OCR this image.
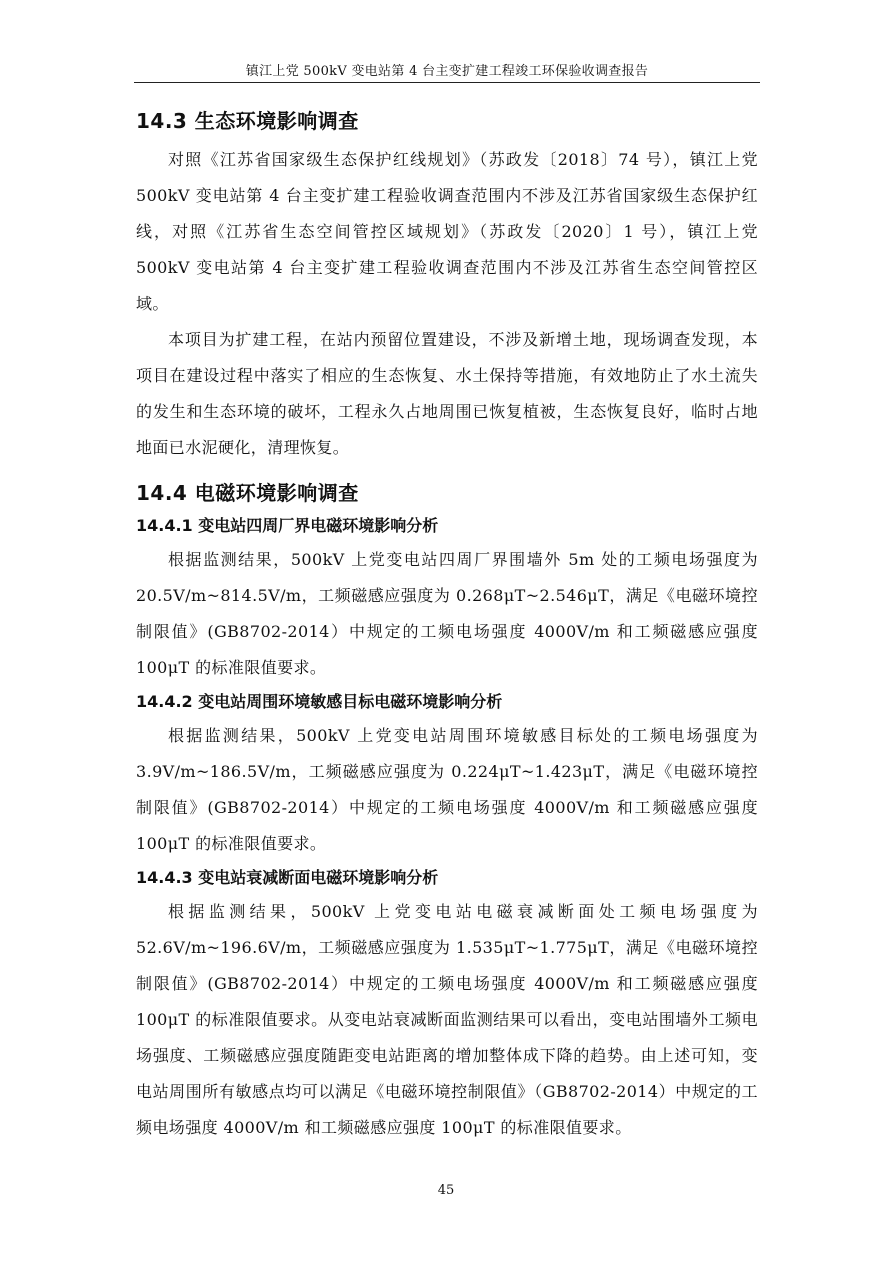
镇江上党 500kV 变电站第 4 台主变扩建工程竣工环保验收调查报告
14.3 生态环境影响调查

对照《江苏省国家级生态保护红线规划》（苏政发〔2018〕74 号），镇江上党 500kV 变电站第 4 台主变扩建工程验收调查范围内不涉及江苏省国家级生态保护红线，对照《江苏省生态空间管控区域规划》（苏政发〔2020〕1 号），镇江上党 500kV 变电站第 4 台主变扩建工程验收调查范围内不涉及江苏省生态空间管控区域。

本项目为扩建工程，在站内预留位置建设，不涉及新增土地，现场调查发现，本项目在建设过程中落实了相应的生态恢复、水土保持等措施，有效地防止了水土流失的发生和生态环境的破坏，工程永久占地周围已恢复植被，生态恢复良好，临时占地地面已水泥硬化，清理恢复。

14.4 电磁环境影响调查
14.4.1 变电站四周厂界电磁环境影响分析

根据监测结果，500kV 上党变电站四周厂界围墙外 5m 处的工频电场强度为 20.5V/m~814.5V/m，工频磁感应强度为 0.268μT~2.546μT，满足《电磁环境控制限值》(GB8702-2014）中规定的工频电场强度 4000V/m 和工频磁感应强度 100μT 的标准限值要求。

14.4.2 变电站周围环境敏感目标电磁环境影响分析

根据监测结果，500kV 上党变电站周围环境敏感目标处的工频电场强度为 3.9V/m~186.5V/m，工频磁感应强度为 0.224μT~1.423μT，满足《电磁环境控制限值》(GB8702-2014）中规定的工频电场强度 4000V/m 和工频磁感应强度 100μT 的标准限值要求。

14.4.3 变电站衰减断面电磁环境影响分析

根据监测结果，500kV 上党变电站电磁衰减断面处工频电场强度为 52.6V/m~196.6V/m，工频磁感应强度为 1.535μT~1.775μT，满足《电磁环境控制限值》(GB8702-2014）中规定的工频电场强度 4000V/m 和工频磁感应强度 100μT 的标准限值要求。从变电站衰减断面监测结果可以看出，变电站围墙外工频电场强度、工频磁感应强度随距变电站距离的增加整体成下降的趋势。由上述可知，变电站周围所有敏感点均可以满足《电磁环境控制限值》（GB8702-2014）中规定的工频电场强度 4000V/m 和工频磁感应强度 100μT 的标准限值要求。

45
